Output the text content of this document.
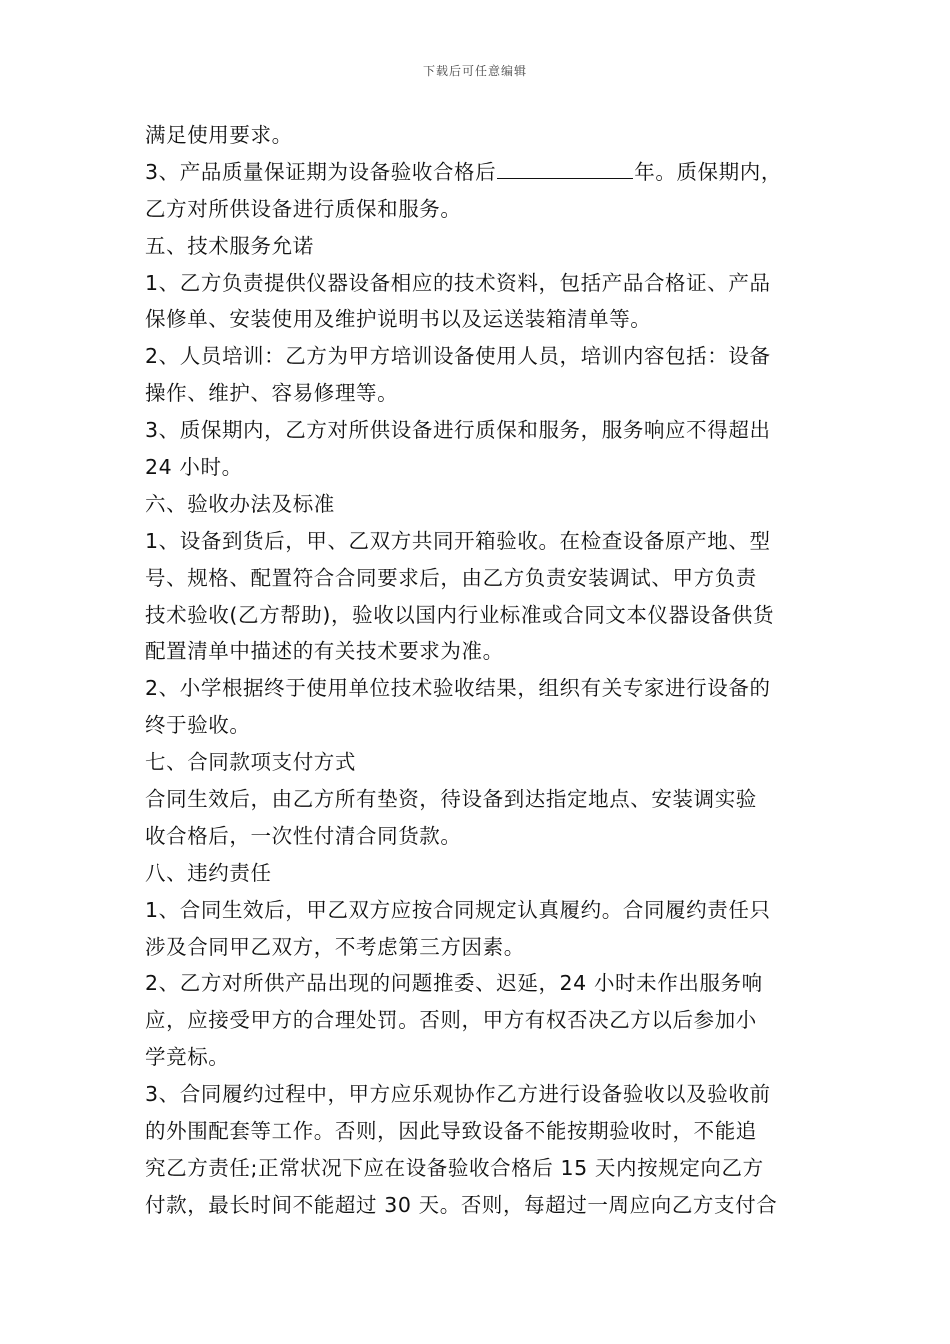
下载后可任意编辑
满足使用要求。
3、产品质量保证期为设备验收合格后	年。质保期内，
乙方对所供设备进行质保和服务。
五、技术服务允诺
1、乙方负责提供仪器设备相应的技术资料，包括产品合格证、产品
保修单、安装使用及维护说明书以及运送装箱清单等。
2、人员培训：乙方为甲方培训设备使用人员，培训内容包括：设备
操作、维护、容易修理等。
3、质保期内，乙方对所供设备进行质保和服务，服务响应不得超出
24 小时。
六、验收办法及标准
1、设备到货后，甲、乙双方共同开箱验收。在检查设备原产地、型
号、规格、配置符合合同要求后，由乙方负责安装调试、甲方负责
技术验收(乙方帮助)，验收以国内行业标准或合同文本仪器设备供货
配置清单中描述的有关技术要求为准。
2、小学根据终于使用单位技术验收结果，组织有关专家进行设备的
终于验收。
七、合同款项支付方式
合同生效后，由乙方所有垫资，待设备到达指定地点、安装调实验
收合格后，一次性付清合同货款。
八、违约责任
1、合同生效后，甲乙双方应按合同规定认真履约。合同履约责任只
涉及合同甲乙双方，不考虑第三方因素。
2、乙方对所供产品出现的问题推委、迟延，24 小时未作出服务响
应，应接受甲方的合理处罚。否则，甲方有权否决乙方以后参加小
学竞标。
3、合同履约过程中，甲方应乐观协作乙方进行设备验收以及验收前
的外围配套等工作。否则，因此导致设备不能按期验收时，不能追
究乙方责任;正常状况下应在设备验收合格后 15 天内按规定向乙方
付款，最长时间不能超过 30 天。否则，每超过一周应向乙方支付合
